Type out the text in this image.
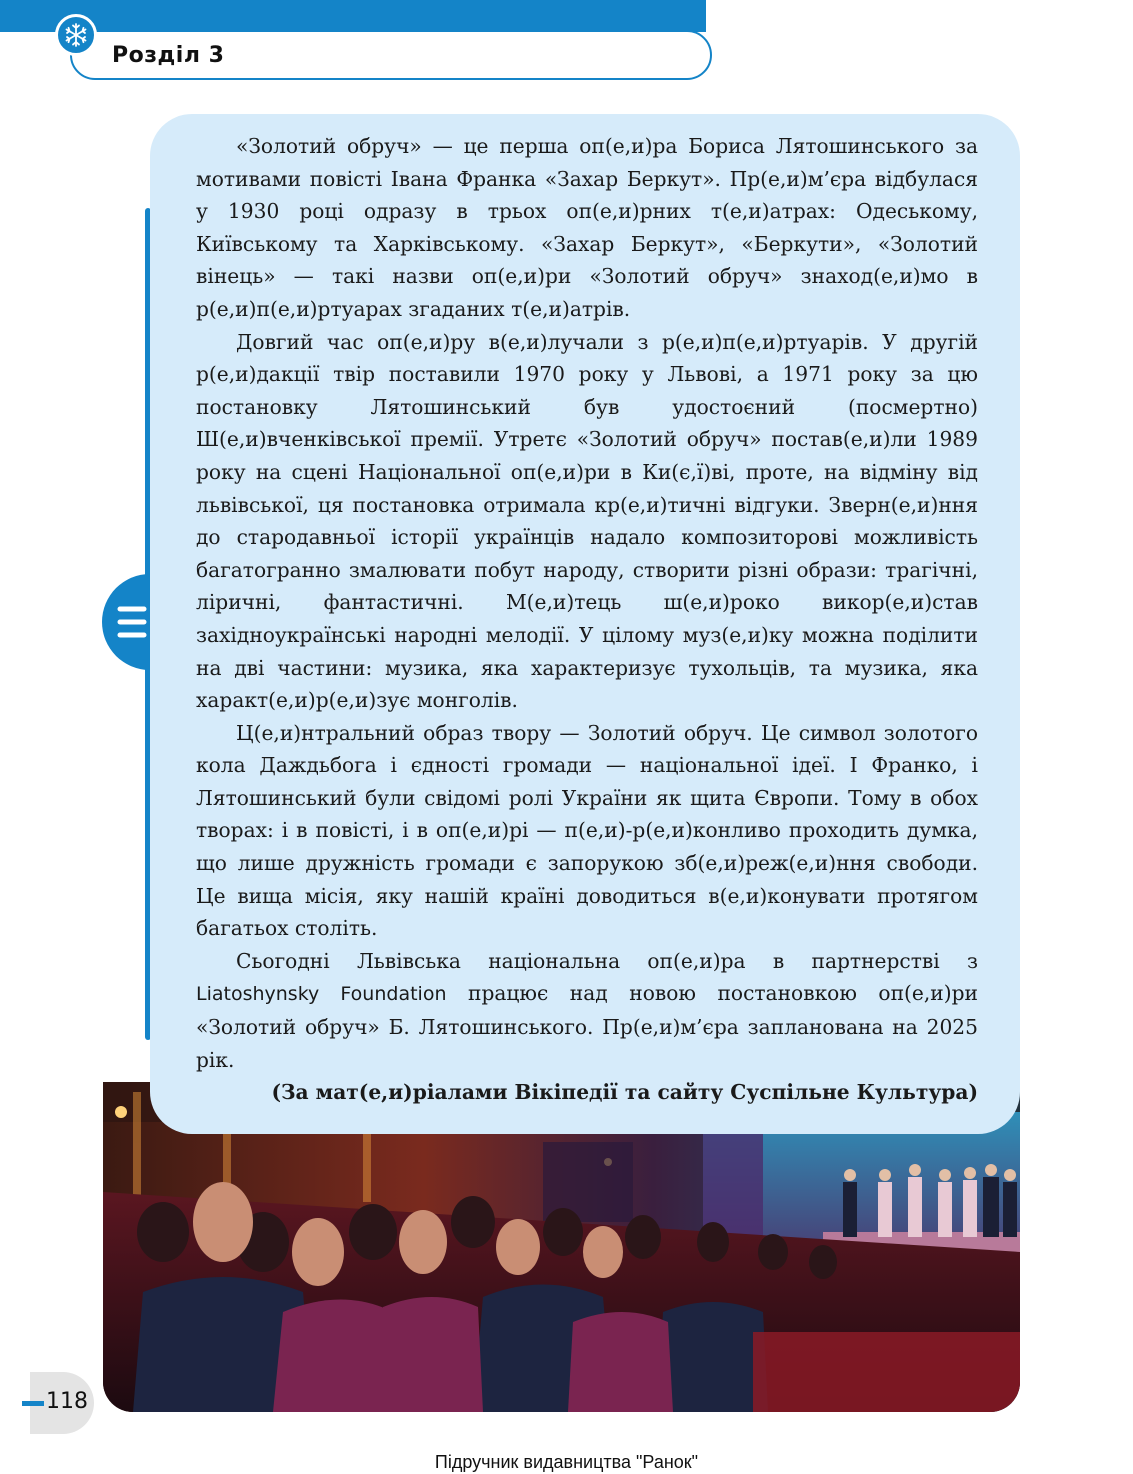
Розділ 3

«Золотий обруч» — це перша оп(е,и)ра Бориса Лятошинського за мотивами повісті Івана Франка «Захар Беркут». Пр(е,и)м’єра відбулася у 1930 році одразу в трьох оп(е,и)рних т(е,и)атрах: Одеському, Київському та Харківському. «Захар Беркут», «Беркути», «Золотий вінець» — такі назви оп(е,и)ри «Золотий обруч» знаход(е,и)мо в р(е,и)п(е,и)ртуарах згаданих т(е,и)атрів.

Довгий час оп(е,и)ру в(е,и)лучали з р(е,и)п(е,и)ртуарів. У другій р(е,и)дакції твір поставили 1970 року у Львові, а 1971 року за цю постановку Лятошинський був удостоєний (посмертно) Ш(е,и)вченківської премії. Утретє «Золотий обруч» постав(е,и)ли 1989 року на сцені Національної оп(е,и)ри в Ки(є,ї)ві, проте, на відміну від львівської, ця постановка отримала кр(е,и)тичні відгуки. Зверн(е,и)ння до стародавньої історії українців надало композиторові можливість багатогранно змалювати побут народу, створити різні образи: трагічні, ліричні, фантастичні. М(е,и)тець ш(е,и)роко викор(е,и)став західноукраїнські народні мелодії. У цілому муз(е,и)ку можна поділити на дві частини: музика, яка характеризує тухольців, та музика, яка характ(е,и)р(е,и)зує монголів.

Ц(е,и)нтральний образ твору — Золотий обруч. Це символ золотого кола Даждьбога і єдності громади — національної ідеї. І Франко, і Лятошинський були свідомі ролі України як щита Європи. Тому в обох творах: і в повісті, і в оп(е,и)рі — п(е,и)-р(е,и)конливо проходить думка, що лише дружність громади є запорукою зб(е,и)реж(е,и)ння свободи. Це вища місія, яку нашій країні доводиться в(е,и)конувати протягом багатьох століть.

Сьогодні Львівська національна оп(е,и)ра в партнерстві з Liatoshynsky Foundation працює над новою постановкою оп(е,и)ри «Золотий обруч» Б. Лятошинського. Пр(е,и)м’єра запланована на 2025 рік.

(За мат(е,и)ріалами Вікіпедії та сайту Суспільне Культура)

118
Підручник видавництва "Ранок"
